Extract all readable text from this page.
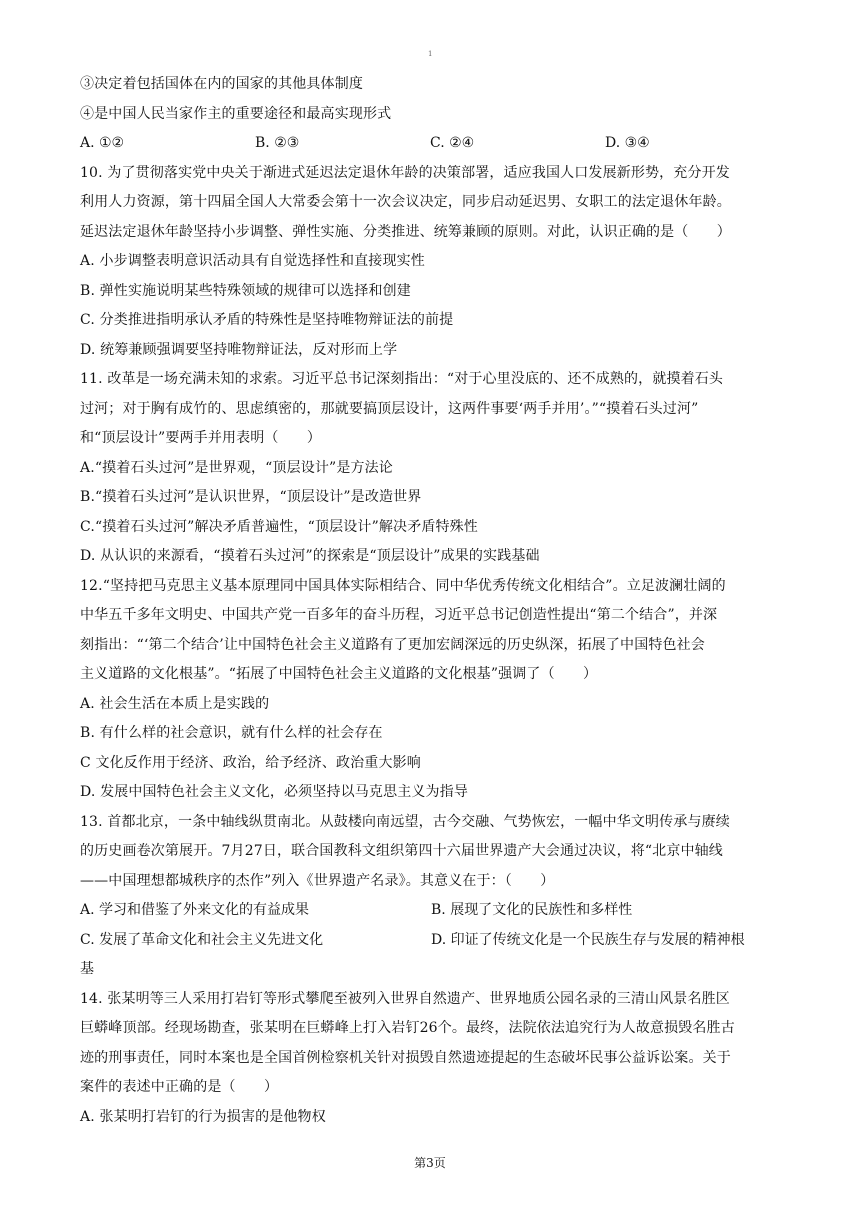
1
③决定着包括国体在内的国家的其他具体制度
④是中国人民当家作主的重要途径和最高实现形式
A. ①②	B. ②③	C. ②④	D. ③④
10. 为了贯彻落实党中央关于渐进式延迟法定退休年龄的决策部署，适应我国人口发展新形势，充分开发
利用人力资源，第十四届全国人大常委会第十一次会议决定，同步启动延迟男、女职工的法定退休年龄。
延迟法定退休年龄坚持小步调整、弹性实施、分类推进、统筹兼顾的原则。对此，认识正确的是（　　）
A. 小步调整表明意识活动具有自觉选择性和直接现实性
B. 弹性实施说明某些特殊领域的规律可以选择和创建
C. 分类推进指明承认矛盾的特殊性是坚持唯物辩证法的前提
D. 统筹兼顾强调要坚持唯物辩证法，反对形而上学
11. 改革是一场充满未知的求索。习近平总书记深刻指出：“对于心里没底的、还不成熟的，就摸着石头
过河；对于胸有成竹的、思虑缜密的，那就要搞顶层设计，这两件事要‘两手并用’。”“摸着石头过河”
和“顶层设计”要两手并用表明（　　）
A.“摸着石头过河”是世界观，“顶层设计”是方法论
B.“摸着石头过河”是认识世界，“顶层设计”是改造世界
C.“摸着石头过河”解决矛盾普遍性，“顶层设计”解决矛盾特殊性
D. 从认识的来源看，“摸着石头过河”的探索是“顶层设计”成果的实践基础
12.“坚持把马克思主义基本原理同中国具体实际相结合、同中华优秀传统文化相结合”。立足波澜壮阔的
中华五千多年文明史、中国共产党一百多年的奋斗历程，习近平总书记创造性提出“第二个结合”，并深
刻指出：“‘第二个结合’让中国特色社会主义道路有了更加宏阔深远的历史纵深，拓展了中国特色社会
主义道路的文化根基”。“拓展了中国特色社会主义道路的文化根基”强调了（　　）
A. 社会生活在本质上是实践的
B. 有什么样的社会意识，就有什么样的社会存在
C 文化反作用于经济、政治，给予经济、政治重大影响
D. 发展中国特色社会主义文化，必须坚持以马克思主义为指导
13. 首都北京，一条中轴线纵贯南北。从鼓楼向南远望，古今交融、气势恢宏，一幅中华文明传承与赓续
的历史画卷次第展开。7月27日，联合国教科文组织第四十六届世界遗产大会通过决议，将“北京中轴线
——中国理想都城秩序的杰作”列入《世界遗产名录》。其意义在于：（　　）
A. 学习和借鉴了外来文化的有益成果	B. 展现了文化的民族性和多样性
C. 发展了革命文化和社会主义先进文化	D. 印证了传统文化是一个民族生存与发展的精神根
基
14. 张某明等三人采用打岩钉等形式攀爬至被列入世界自然遗产、世界地质公园名录的三清山风景名胜区
巨蟒峰顶部。经现场勘查，张某明在巨蟒峰上打入岩钉26个。最终，法院依法追究行为人故意损毁名胜古
迹的刑事责任，同时本案也是全国首例检察机关针对损毁自然遗迹提起的生态破坏民事公益诉讼案。关于
案件的表述中正确的是（　　）
A. 张某明打岩钉的行为损害的是他物权
第3页
